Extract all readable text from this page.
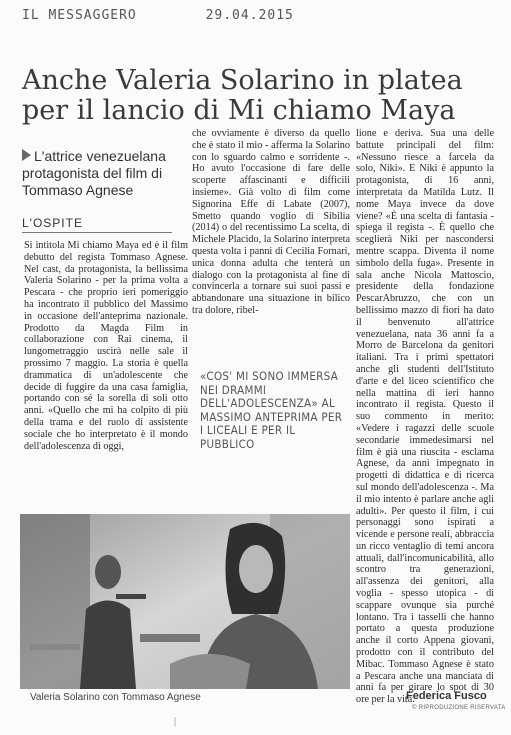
IL MESSAGGERO	29.04.2015
Anche Valeria Solarino in platea per il lancio di Mi chiamo Maya
L'attrice venezuelana protagonista del film di Tommaso Agnese
L'OSPITE

Si intitola Mi chiamo Maya ed è il film debutto del regista Tommaso Agnese. Nel cast, da protagonista, la bellissima Valeria Solarino - per la prima volta a Pescara - che proprio ieri pomeriggio ha incontrato il pubblico del Massimo in occasione dell'anteprima nazionale. Prodotto da Magda Film in collaborazione con Rai cinema, il lungometraggio uscirà nelle sale il prossimo 7 maggio. La storia è quella drammatica di un'adolescente che decide di fuggire da una casa famiglia, portando con sé la sorella di soli otto anni. «Quello che mi ha colpito di più della trama e del ruolo di assistente sociale che ho interpretato è il mondo dell'adolescenza di oggi,

che ovviamente è diverso da quello che è stato il mio - afferma la Solarino con lo sguardo calmo e sorridente -. Ho avuto l'occasione di fare delle scoperte affascinanti e difficili insieme». Già volto di film come Signorina Effe di Labate (2007), Smetto quando voglio di Sibilia (2014) o del recentissimo La scelta, di Michele Placido, la Solarino interpreta questa volta i panni di Cecilia Fornari, unica donna adulta che tenterà un dialogo con la protagonista al fine di convincerla a tornare sui suoi passi e abbandonare una situazione in bilico tra dolore, ribel-

«COS' MI SONO IMMERSA NEI DRAMMI DELL'ADOLESCENZA» AL MASSIMO ANTEPRIMA PER I LICEALI E PER IL PUBBLICO

lione e deriva. Sua una delle battute principali del film: «Nessuno riesce a farcela da solo, Niki». E Niki è appunto la protagonista, di 16 anni, interpretata da Matilda Lutz. Il nome Maya invece da dove viene? «È una scelta di fantasia - spiega il regista -. È quello che sceglierà Niki per nascondersi mentre scappa. Diventa il nome simbolo della fuga». Presente in sala anche Nicola Mattoscio, presidente della fondazione PescarAbruzzo, che con un bellissimo mazzo di fiori ha dato il benvenuto all'attrice venezuelana, nata 36 anni fa a Morro de Barcelona da genitori italiani. Tra i primi spettatori anche gli studenti dell'Istituto d'arte e del liceo scientifico che nella mattina di ieri hanno incontrato il regista. Questo il suo commento in merito: «Vedere i ragazzi delle scuole secondarie immedesimarsi nel film è già una riuscita - esclama Agnese, da anni impegnato in progetti di didattica e di ricerca sul mondo dell'adolescenza -. Ma il mio intento è parlare anche agli adulti». Per questo il film, i cui personaggi sono ispirati a vicende e persone reali, abbraccia un ricco ventaglio di temi ancora attuali, dall'incomunicabilità, allo scontro tra generazioni, all'assenza dei genitori, alla voglia - spesso utopica - di scappare ovunque sia purché lontano. Tra i tasselli che hanno portato a questa produzione anche il corto Appena giovani, prodotto con il contributo del Mibac. Tommaso Agnese è stato a Pescara anche una manciata di anni fa per girare lo spot di 30 ore per la vita.

Valeria Solarino con Tommaso Agnese	Federica Fusco
© RIPRODUZIONE RISERVATA
|
